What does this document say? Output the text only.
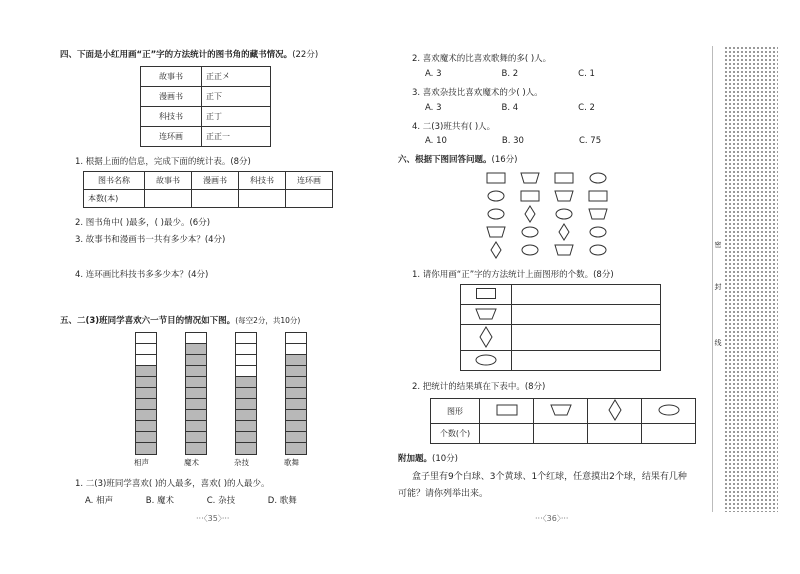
四、下面是小红用画“正”字的方法统计的图书角的藏书情况。(22分)
故事书	正正㐅
漫画书	正下
科技书	正丁
连环画	正正一
1. 根据上面的信息，完成下面的统计表。(8分)
图书名称	故事书	漫画书	科技书	连环画
本数(本)				
2. 图书角中( )最多，( )最少。(6分)
3. 故事书和漫画书一共有多少本？(4分)
4. 连环画比科技书多多少本？(4分)
五、二(3)班同学喜欢六一节目的情况如下图。(每空2分，共10分)
相声	魔术	杂技	歌舞
1. 二(3)班同学喜欢( )的人最多，喜欢( )的人最少。
A. 相声	B. 魔术	C. 杂技	D. 歌舞
···〈35〉···
2. 喜欢魔术的比喜欢歌舞的多( )人。
A. 3	B. 2	C. 1
3. 喜欢杂技比喜欢魔术的少( )人。
A. 3	B. 4	C. 2
4. 二(3)班共有( )人。
A. 10	B. 30	C. 75
六、根据下图回答问题。(16分)
1. 请你用画“正”字的方法统计上面图形的个数。(8分)

2. 把统计的结果填在下表中。(8分)
图形				
个数(个)				
附加题。(10分)
盒子里有9个白球、3个黄球、1个红球，任意摸出2个球，结果有几种
可能？请你列举出来。
···〈36〉···
密
封
线
